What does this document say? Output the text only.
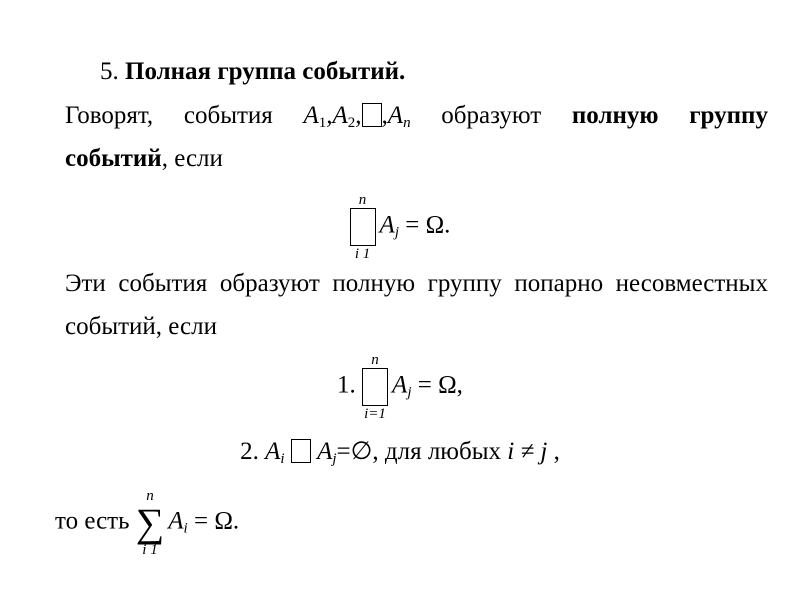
5. Полная группа событий.
Говорят, события $A_1,A_2$, ,An образуют полную группу
событий, если
n
i 1
Aj = Ω.
Эти события образуют полную группу попарно несовместных
событий, если
1.
n
i=1
Aj = Ω,
2. Ai Aj=∅, для любых i ≠ j ,
то есть
n
∑
i 1
Ai = Ω.
